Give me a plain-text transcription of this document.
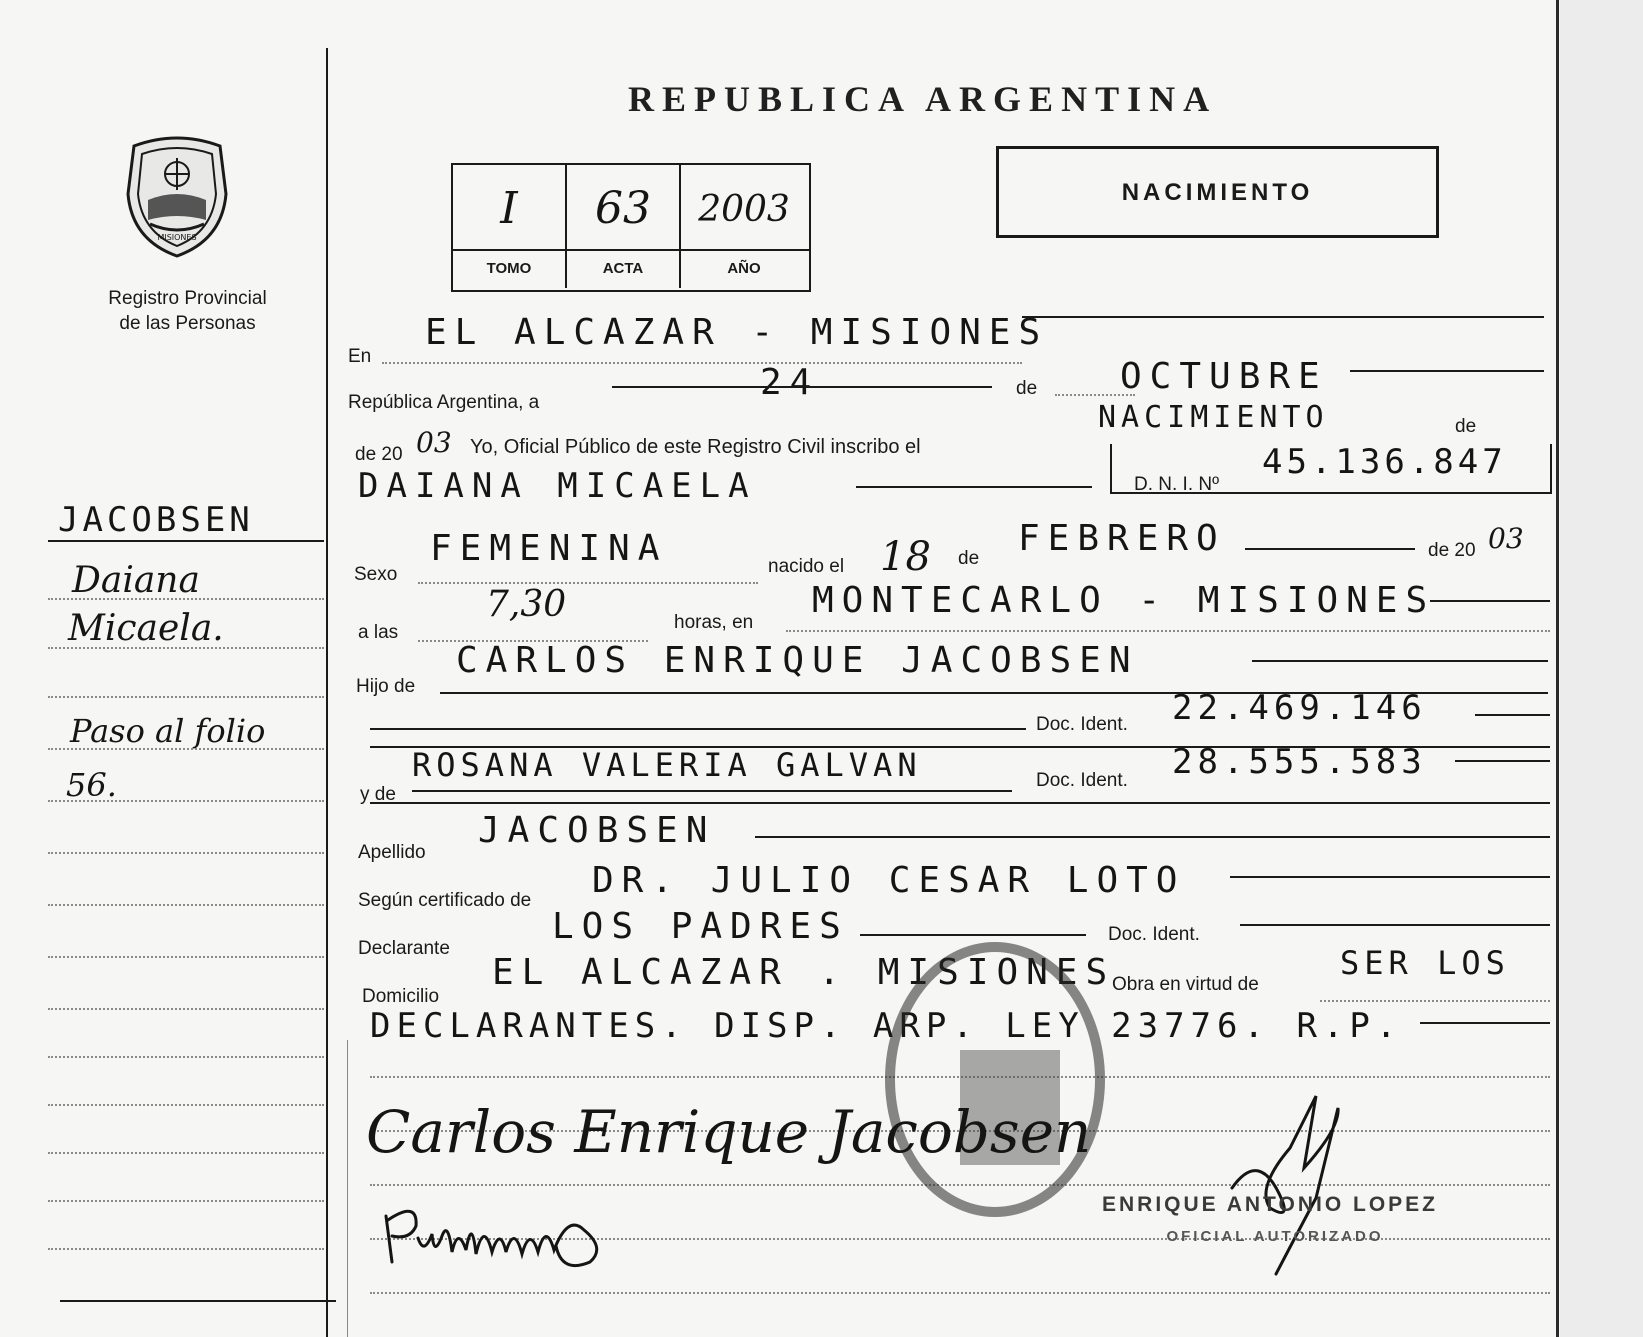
MISIONES
Registro Provincial
de las Personas
REPUBLICA ARGENTINA
I
TOMO
63
ACTA
2003
AÑO
NACIMIENTO
JACOBSEN
Daiana
Micaela.
Paso al folio
56.
En
EL ALCAZAR - MISIONES
República Argentina, a	24	de OCTUBRE
de 20 03 Yo, Oficial Público de este Registro Civil inscribo el
NACIMIENTO	de
DAIANA MICAELA	D. N. I. Nº
45.136.847
Sexo
FEMENINA	nacido el 18 de FEBRERO	de 20 03
a las
7,30	horas, en
MONTECARLO - MISIONES
Hijo de
CARLOS ENRIQUE JACOBSEN
Doc. Ident. 22.469.146
y de
ROSANA VALERIA GALVAN	Doc. Ident. 28.555.583
Apellido
JACOBSEN
Según certificado de DR. JULIO CESAR LOTO
Declarante
LOS PADRES	Doc. Ident.
Domicilio
EL ALCAZAR . MISIONES
Obra en virtud de
SER LOS
DECLARANTES. DISP. ARP. LEY 23776. R.P.
Carlos Enrique Jacobsen
ENRIQUE ANTONIO LOPEZ
OFICIAL AUTORIZADO
